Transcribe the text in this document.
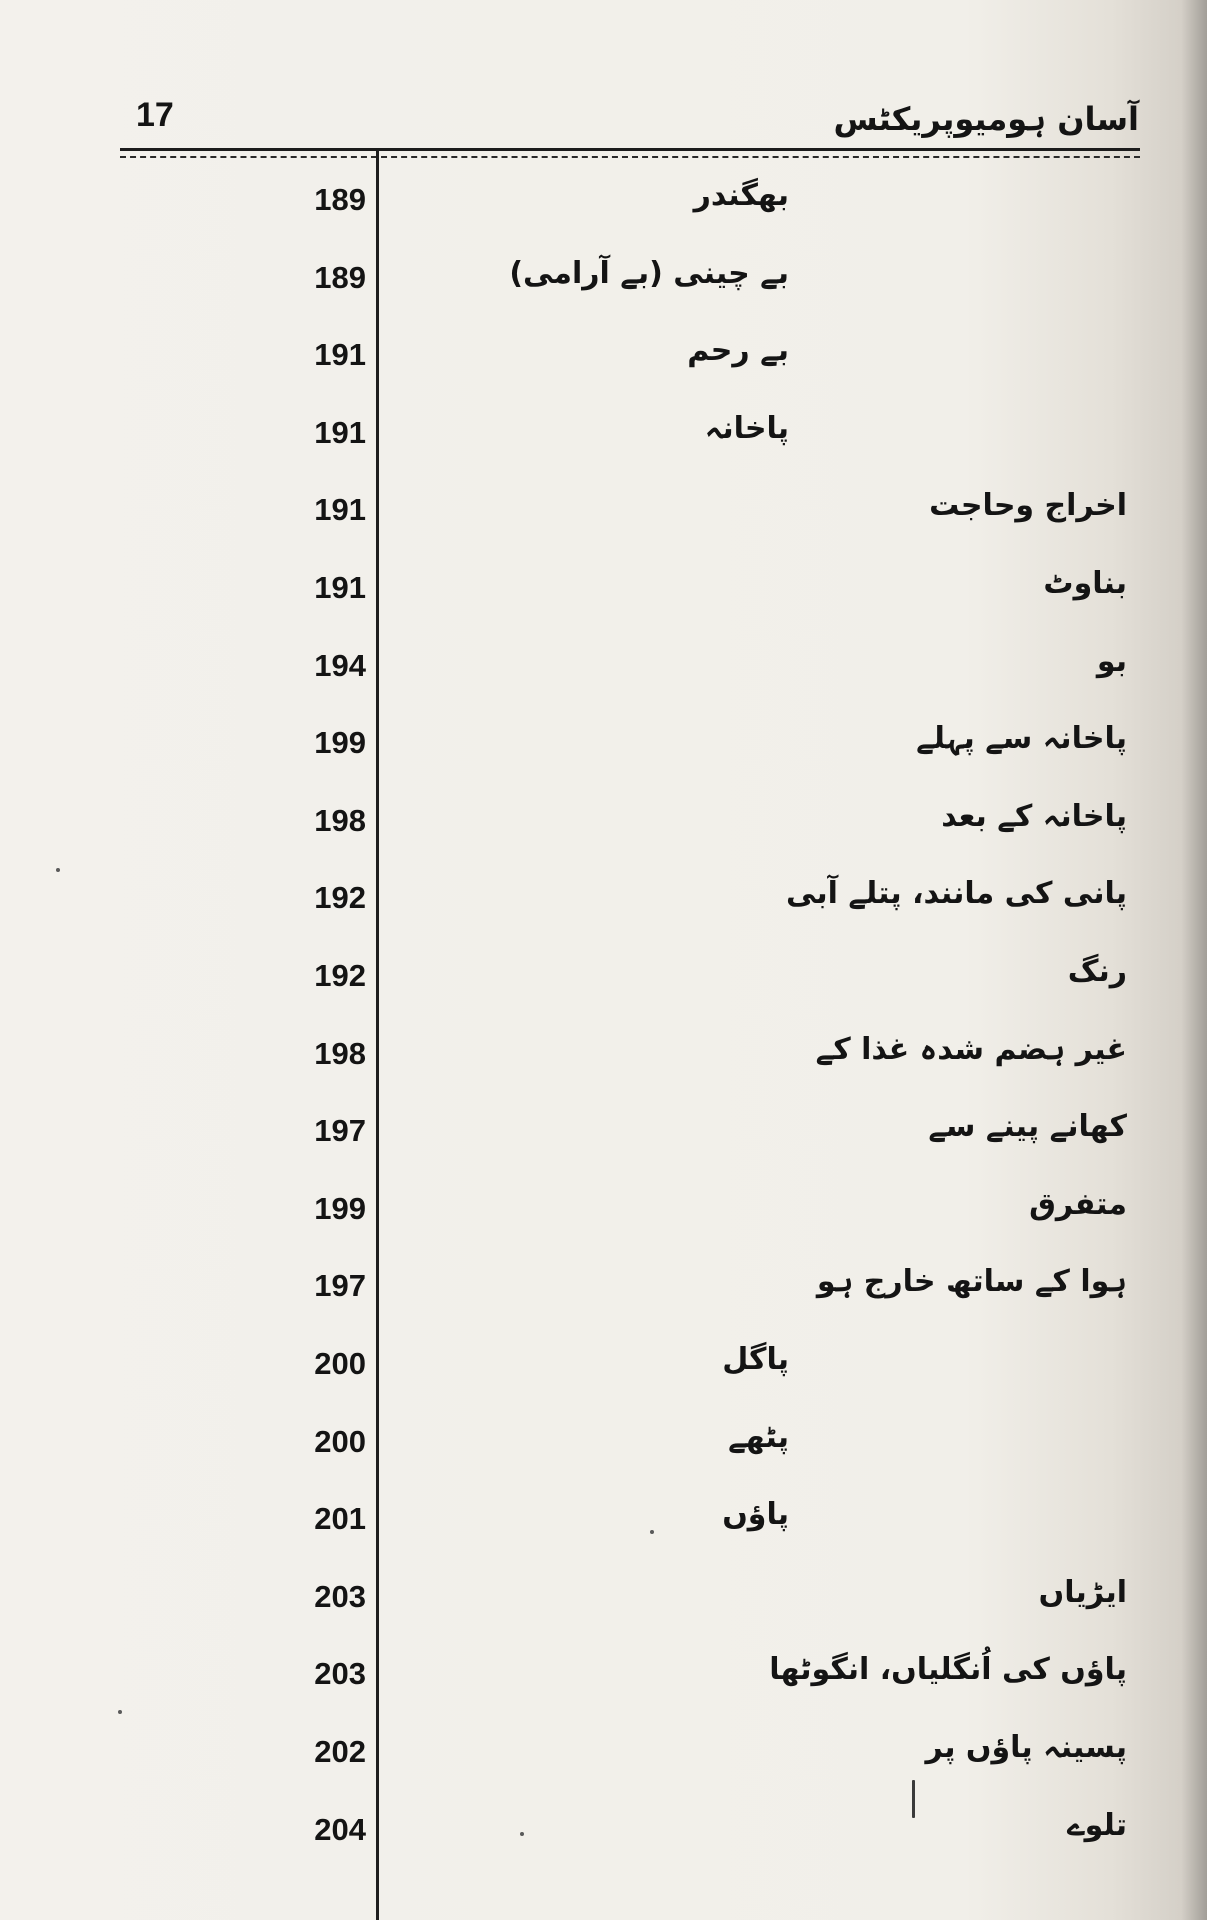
17	آسان ہومیوپریکٹس
189	بھگندر
189	بے چینی (بے آرامی)
191	بے رحم
191	پاخانہ
191	اخراج وحاجت
191	بناوٹ
194	بو
199	پاخانہ سے پہلے
198	پاخانہ کے بعد
192	پانی کی مانند، پتلے آبی
192	رنگ
198	غیر ہضم شدہ غذا کے
197	کھانے پینے سے
199	متفرق
197	ہوا کے ساتھ خارج ہو
200	پاگل
200	پٹھے
201	پاؤں
203	ایڑیاں
203	پاؤں کی اُنگلیاں، انگوٹھا
202	پسینہ پاؤں پر
204	تلوے
